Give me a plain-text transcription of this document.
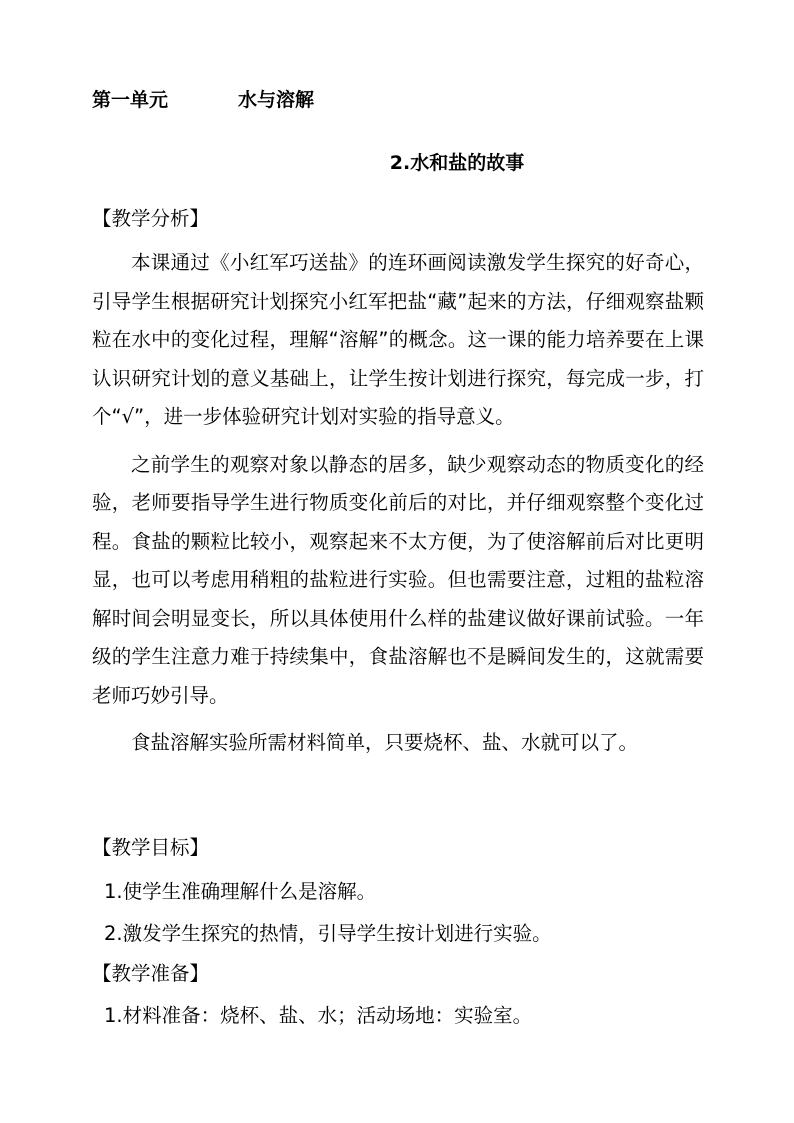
第一单元	水与溶解
2.水和盐的故事
【教学分析】

本课通过《小红军巧送盐》的连环画阅读激发学生探究的好奇心，引导学生根据研究计划探究小红军把盐“藏”起来的方法，仔细观察盐颗粒在水中的变化过程，理解“溶解”的概念。这一课的能力培养要在上课认识研究计划的意义基础上，让学生按计划进行探究，每完成一步，打个“√”，进一步体验研究计划对实验的指导意义。

之前学生的观察对象以静态的居多，缺少观察动态的物质变化的经验，老师要指导学生进行物质变化前后的对比，并仔细观察整个变化过程。食盐的颗粒比较小，观察起来不太方便，为了使溶解前后对比更明显，也可以考虑用稍粗的盐粒进行实验。但也需要注意，过粗的盐粒溶解时间会明显变长，所以具体使用什么样的盐建议做好课前试验。一年级的学生注意力难于持续集中，食盐溶解也不是瞬间发生的，这就需要老师巧妙引导。

食盐溶解实验所需材料简单，只要烧杯、盐、水就可以了。

【教学目标】
1.使学生准确理解什么是溶解。
2.激发学生探究的热情，引导学生按计划进行实验。
【教学准备】
1.材料准备：烧杯、盐、水；活动场地：实验室。
